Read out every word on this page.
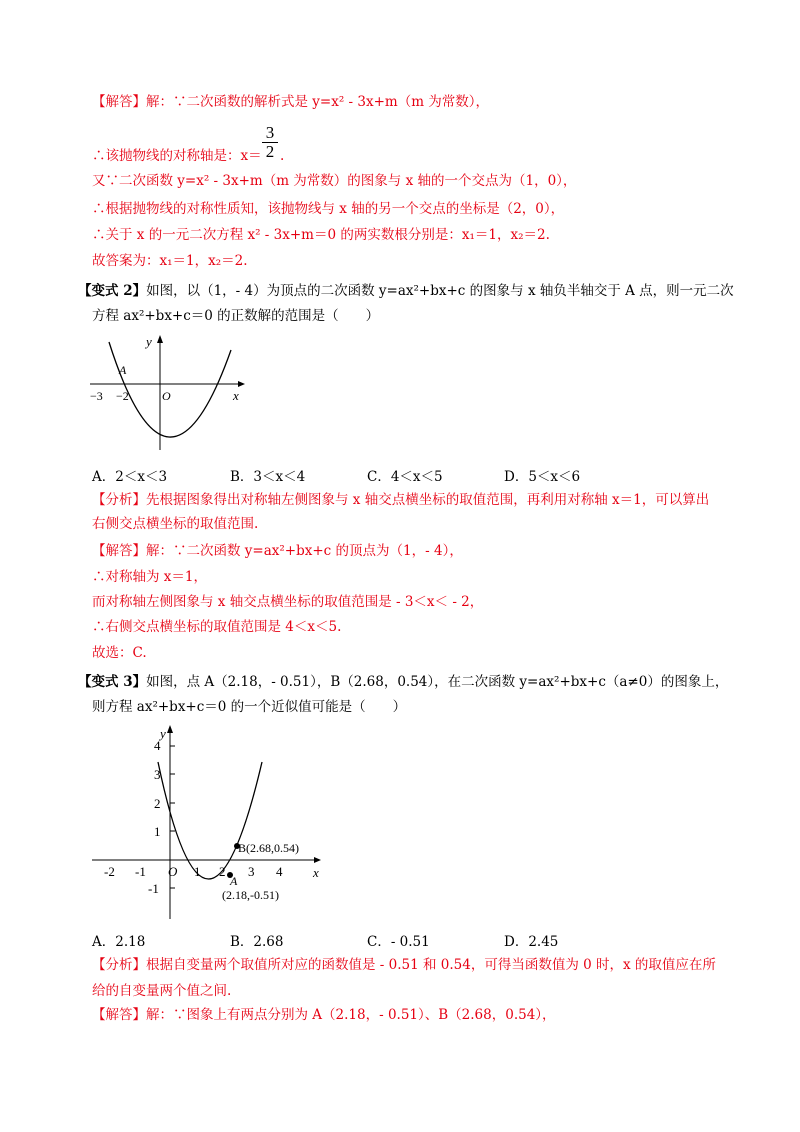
【解答】解：∵二次函数的解析式是 y=x² - 3x+m（m 为常数），
∴该抛物线的对称轴是：$x= \frac{3}{2}$ .
又∵二次函数 y=x² - 3x+m（m 为常数）的图象与 x 轴的一个交点为（1，0），
∴根据抛物线的对称性质知，该抛物线与 x 轴的另一个交点的坐标是（2，0），
∴关于 x 的一元二次方程 x² - 3x+m＝0 的两实数根分别是：x₁＝1，x₂＝2.
故答案为：x₁＝1，x₂＝2.
【变式 2】如图，以（1，- 4）为顶点的二次函数 y=ax²+bx+c 的图象与 x 轴负半轴交于 A 点，则一元二次
方程 ax²+bx+c＝0 的正数解的范围是（　　）
y
x
O
A
−3 −2
A．2＜x＜3	B．3＜x＜4	C．4＜x＜5	D．5＜x＜6
【分析】先根据图象得出对称轴左侧图象与 x 轴交点横坐标的取值范围，再利用对称轴 x＝1，可以算出
右侧交点横坐标的取值范围.
【解答】解：∵二次函数 y=ax²+bx+c 的顶点为（1，- 4），
∴对称轴为 x＝1，
而对称轴左侧图象与 x 轴交点横坐标的取值范围是 - 3＜x＜ - 2，
∴右侧交点横坐标的取值范围是 4＜x＜5.
故选：C.
【变式 3】如图，点 A（2.18，- 0.51），B（2.68，0.54），在二次函数 y=ax²+bx+c（a≠0）的图象上，
则方程 ax²+bx+c＝0 的一个近似值可能是（　　）
y
x
O
-2 -1	1 2 3 4
4
3
2
1
-1	A
(2.18,-0.51)
B(2.68,0.54)
A．2.18	B．2.68	C．- 0.51	D．2.45
【分析】根据自变量两个取值所对应的函数值是 - 0.51 和 0.54，可得当函数值为 0 时，x 的取值应在所
给的自变量两个值之间.
【解答】解：∵图象上有两点分别为 A（2.18，- 0.51）、B（2.68，0.54），
